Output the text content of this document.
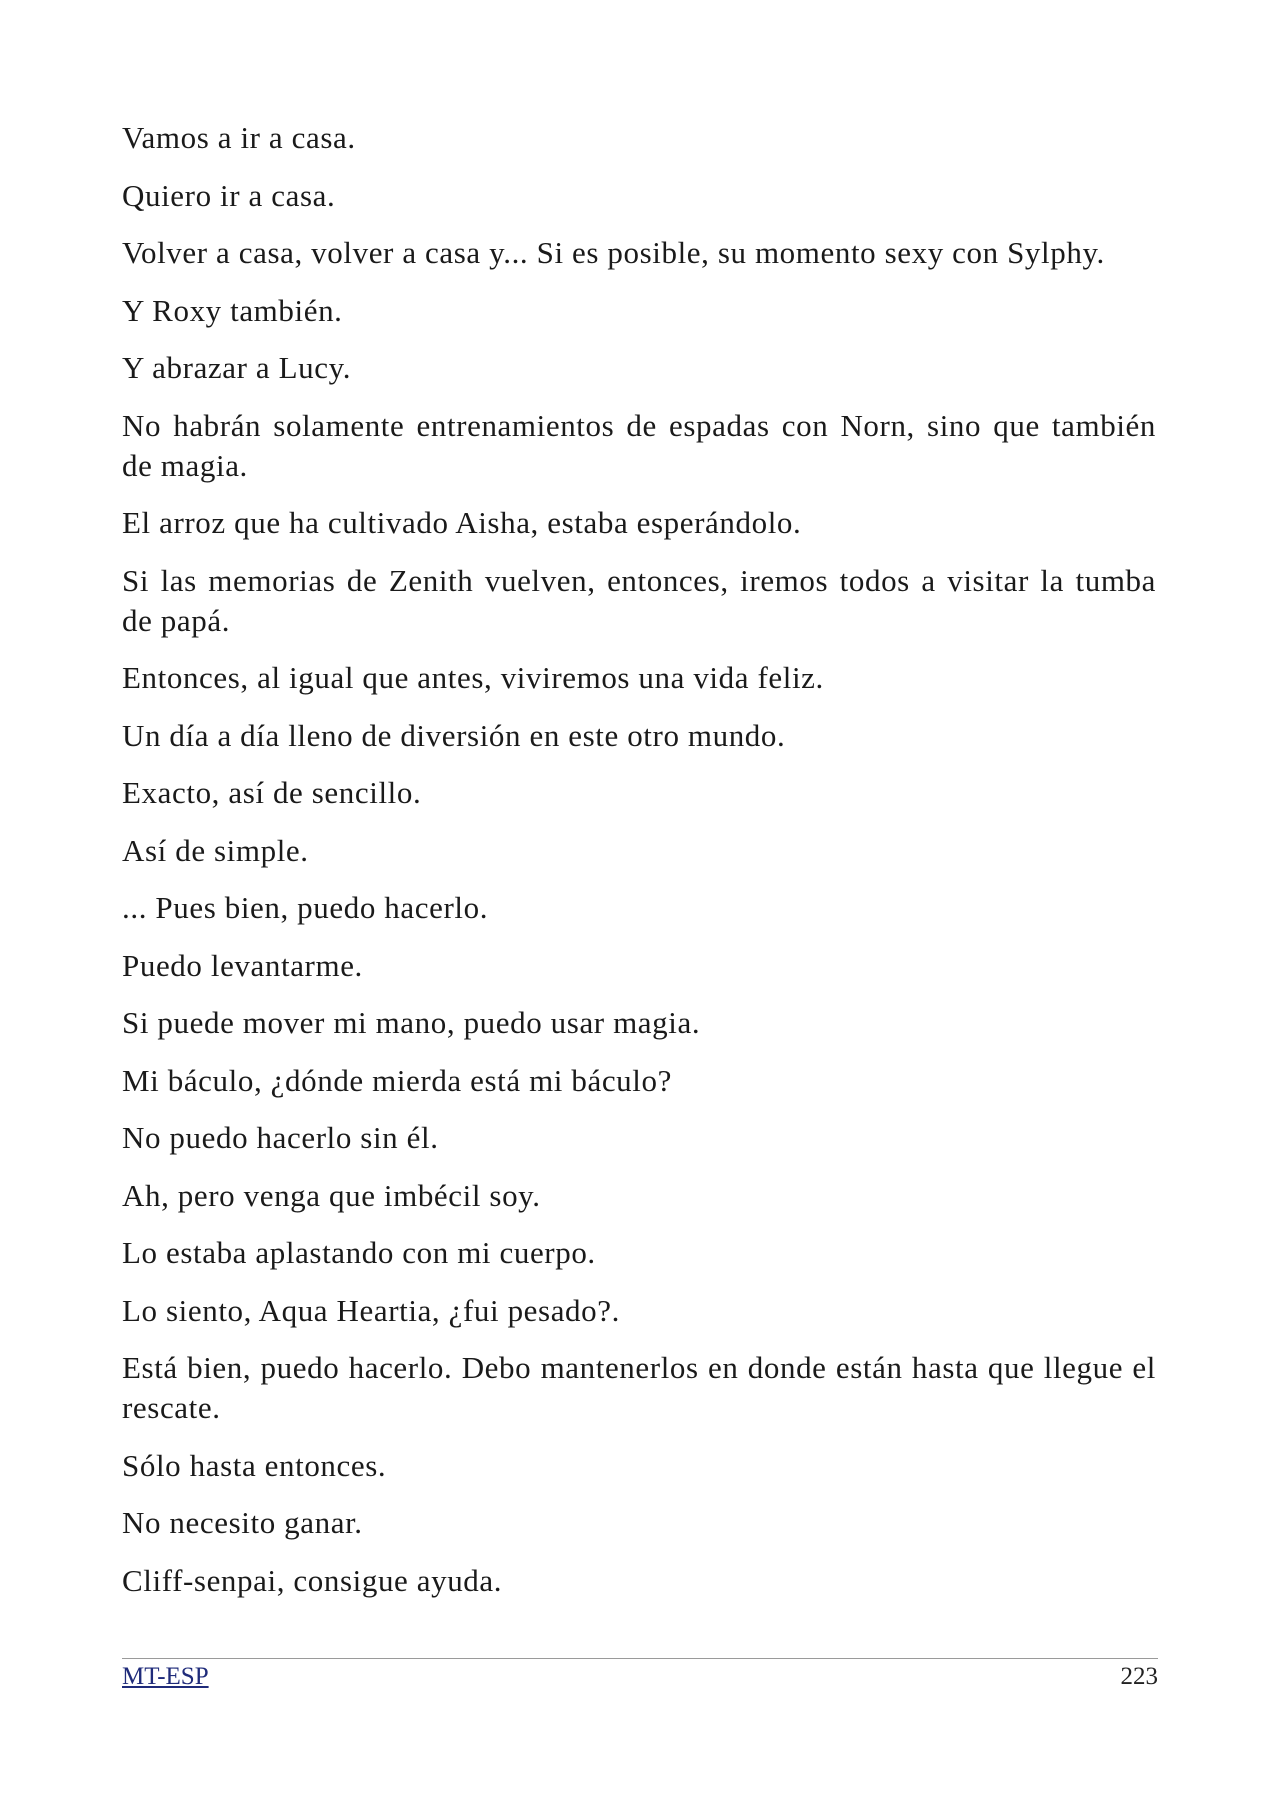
Vamos a ir a casa.

Quiero ir a casa.

Volver a casa, volver a casa y... Si es posible, su momento sexy con Sylphy.

Y Roxy también.

Y abrazar a Lucy.

No habrán solamente entrenamientos de espadas con Norn, sino que también de magia.

El arroz que ha cultivado Aisha, estaba esperándolo.

Si las memorias de Zenith vuelven, entonces, iremos todos a visitar la tumba de papá.

Entonces, al igual que antes, viviremos una vida feliz.

Un día a día lleno de diversión en este otro mundo.

Exacto, así de sencillo.

Así de simple.

... Pues bien, puedo hacerlo.

Puedo levantarme.

Si puede mover mi mano, puedo usar magia.

Mi báculo, ¿dónde mierda está mi báculo?

No puedo hacerlo sin él.

Ah, pero venga que imbécil soy.

Lo estaba aplastando con mi cuerpo.

Lo siento, Aqua Heartia, ¿fui pesado?.

Está bien, puedo hacerlo. Debo mantenerlos en donde están hasta que llegue el rescate.

Sólo hasta entonces.

No necesito ganar.

Cliff-senpai, consigue ayuda.

MT-ESP	223
